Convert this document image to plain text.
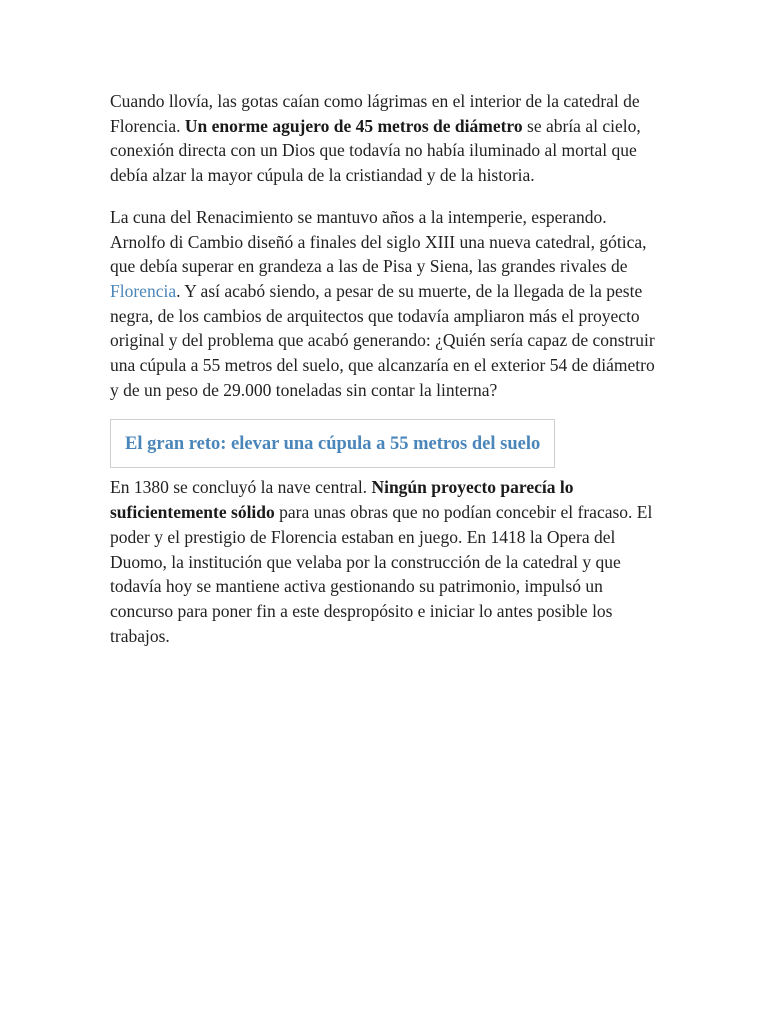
Cuando llovía, las gotas caían como lágrimas en el interior de la catedral de Florencia. Un enorme agujero de 45 metros de diámetro se abría al cielo, conexión directa con un Dios que todavía no había iluminado al mortal que debía alzar la mayor cúpula de la cristiandad y de la historia.

La cuna del Renacimiento se mantuvo años a la intemperie, esperando. Arnolfo di Cambio diseñó a finales del siglo XIII una nueva catedral, gótica, que debía superar en grandeza a las de Pisa y Siena, las grandes rivales de Florencia. Y así acabó siendo, a pesar de su muerte, de la llegada de la peste negra, de los cambios de arquitectos que todavía ampliaron más el proyecto original y del problema que acabó generando: ¿Quién sería capaz de construir una cúpula a 55 metros del suelo, que alcanzaría en el exterior 54 de diámetro y de un peso de 29.000 toneladas sin contar la linterna?

El gran reto: elevar una cúpula a 55 metros del suelo

En 1380 se concluyó la nave central. Ningún proyecto parecía lo suficientemente sólido para unas obras que no podían concebir el fracaso. El poder y el prestigio de Florencia estaban en juego. En 1418 la Opera del Duomo, la institución que velaba por la construcción de la catedral y que todavía hoy se mantiene activa gestionando su patrimonio, impulsó un concurso para poner fin a este despropósito e iniciar lo antes posible los trabajos.
